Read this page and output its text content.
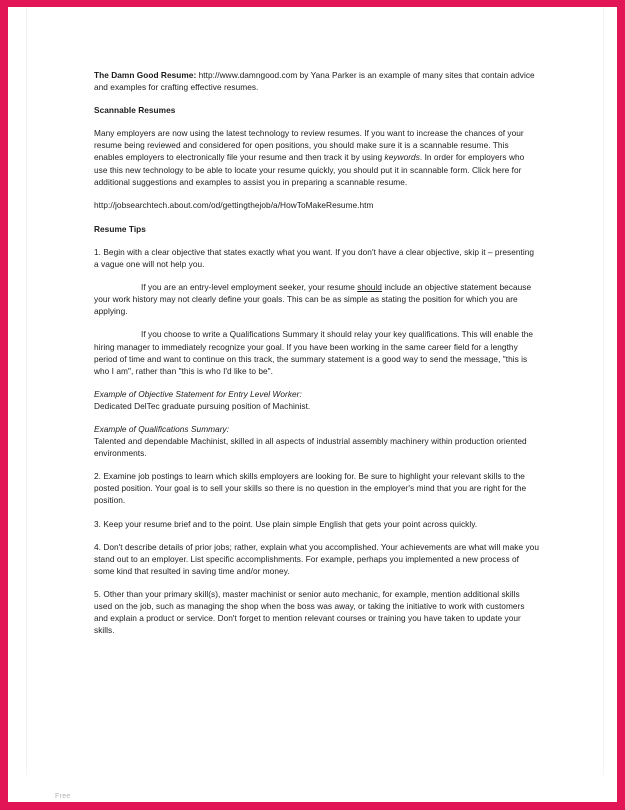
The Damn Good Resume: http://www.damngood.com by Yana Parker is an example of many sites that contain advice and examples for crafting effective resumes.

Scannable Resumes

Many employers are now using the latest technology to review resumes. If you want to increase the chances of your resume being reviewed and considered for open positions, you should make sure it is a scannable resume. This enables employers to electronically file your resume and then track it by using keywords. In order for employers who use this new technology to be able to locate your resume quickly, you should put it in scannable form. Click here for additional suggestions and examples to assist you in preparing a scannable resume.

http://jobsearchtech.about.com/od/gettingthejob/a/HowToMakeResume.htm

Resume Tips

1. Begin with a clear objective that states exactly what you want. If you don't have a clear objective, skip it – presenting a vague one will not help you.

If you are an entry-level employment seeker, your resume should include an objective statement because your work history may not clearly define your goals. This can be as simple as stating the position for which you are applying.

If you choose to write a Qualifications Summary it should relay your key qualifications. This will enable the hiring manager to immediately recognize your goal. If you have been working in the same career field for a lengthy period of time and want to continue on this track, the summary statement is a good way to send the message, "this is who I am", rather than "this is who I'd like to be".

Example of Objective Statement for Entry Level Worker:

Dedicated DelTec graduate pursuing position of Machinist.

Example of Qualifications Summary:

Talented and dependable Machinist, skilled in all aspects of industrial assembly machinery within production oriented environments.

2. Examine job postings to learn which skills employers are looking for. Be sure to highlight your relevant skills to the posted position. Your goal is to sell your skills so there is no question in the employer's mind that you are right for the position.

3. Keep your resume brief and to the point. Use plain simple English that gets your point across quickly.

4. Don't describe details of prior jobs; rather, explain what you accomplished. Your achievements are what will make you stand out to an employer. List specific accomplishments. For example, perhaps you implemented a new process of some kind that resulted in saving time and/or money.

5. Other than your primary skill(s), master machinist or senior auto mechanic, for example, mention additional skills used on the job, such as managing the shop when the boss was away, or taking the initiative to work with customers and explain a product or service. Don't forget to mention relevant courses or training you have taken to update your skills.

Free
